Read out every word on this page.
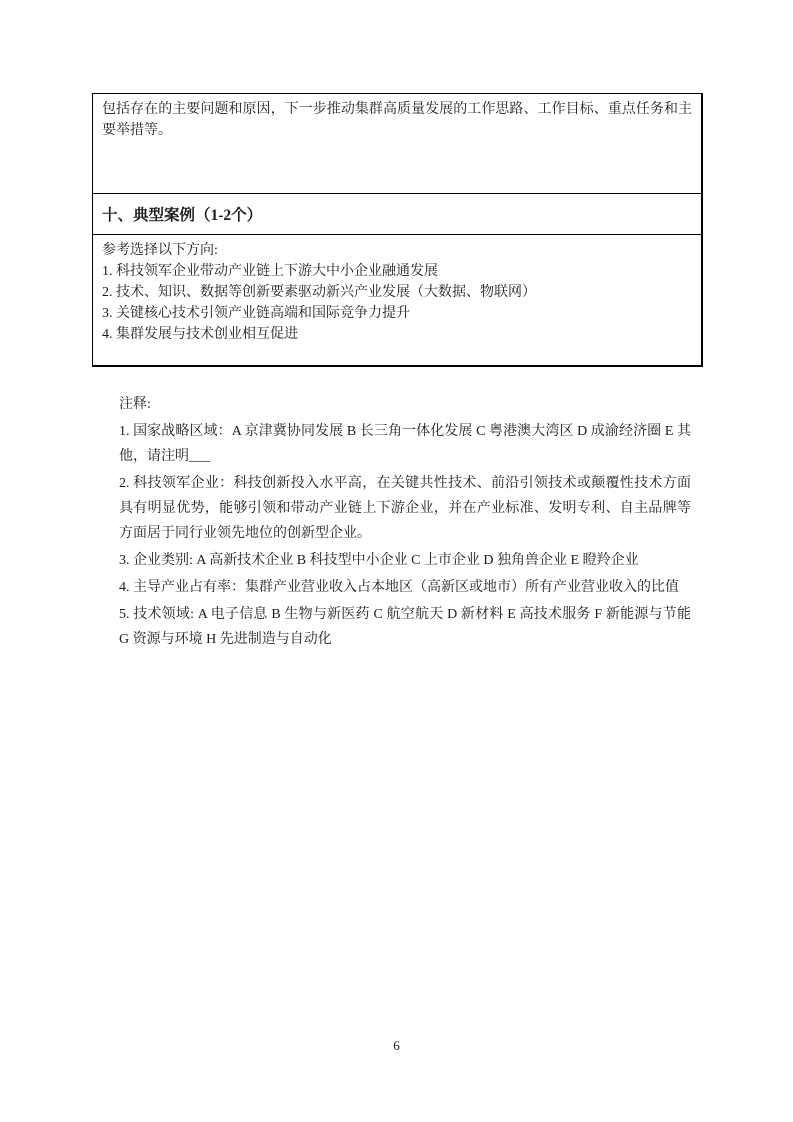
包括存在的主要问题和原因，下一步推动集群高质量发展的工作思路、工作目标、重点任务和主要举措等。
十、典型案例（1-2个）

参考选择以下方向:

1. 科技领军企业带动产业链上下游大中小企业融通发展

2. 技术、知识、数据等创新要素驱动新兴产业发展（大数据、物联网）

3. 关键核心技术引领产业链高端和国际竞争力提升

4. 集群发展与技术创业相互促进

注释:

1. 国家战略区域：A 京津冀协同发展 B 长三角一体化发展 C 粤港澳大湾区 D 成渝经济圈 E 其他，请注明___

2. 科技领军企业：科技创新投入水平高，在关键共性技术、前沿引领技术或颠覆性技术方面具有明显优势，能够引领和带动产业链上下游企业，并在产业标准、发明专利、自主品牌等方面居于同行业领先地位的创新型企业。

3. 企业类别: A 高新技术企业 B 科技型中小企业 C 上市企业 D 独角兽企业 E 瞪羚企业

4. 主导产业占有率：集群产业营业收入占本地区（高新区或地市）所有产业营业收入的比值

5. 技术领域: A 电子信息 B 生物与新医药 C 航空航天 D 新材料 E 高技术服务 F 新能源与节能 G 资源与环境 H 先进制造与自动化

6
